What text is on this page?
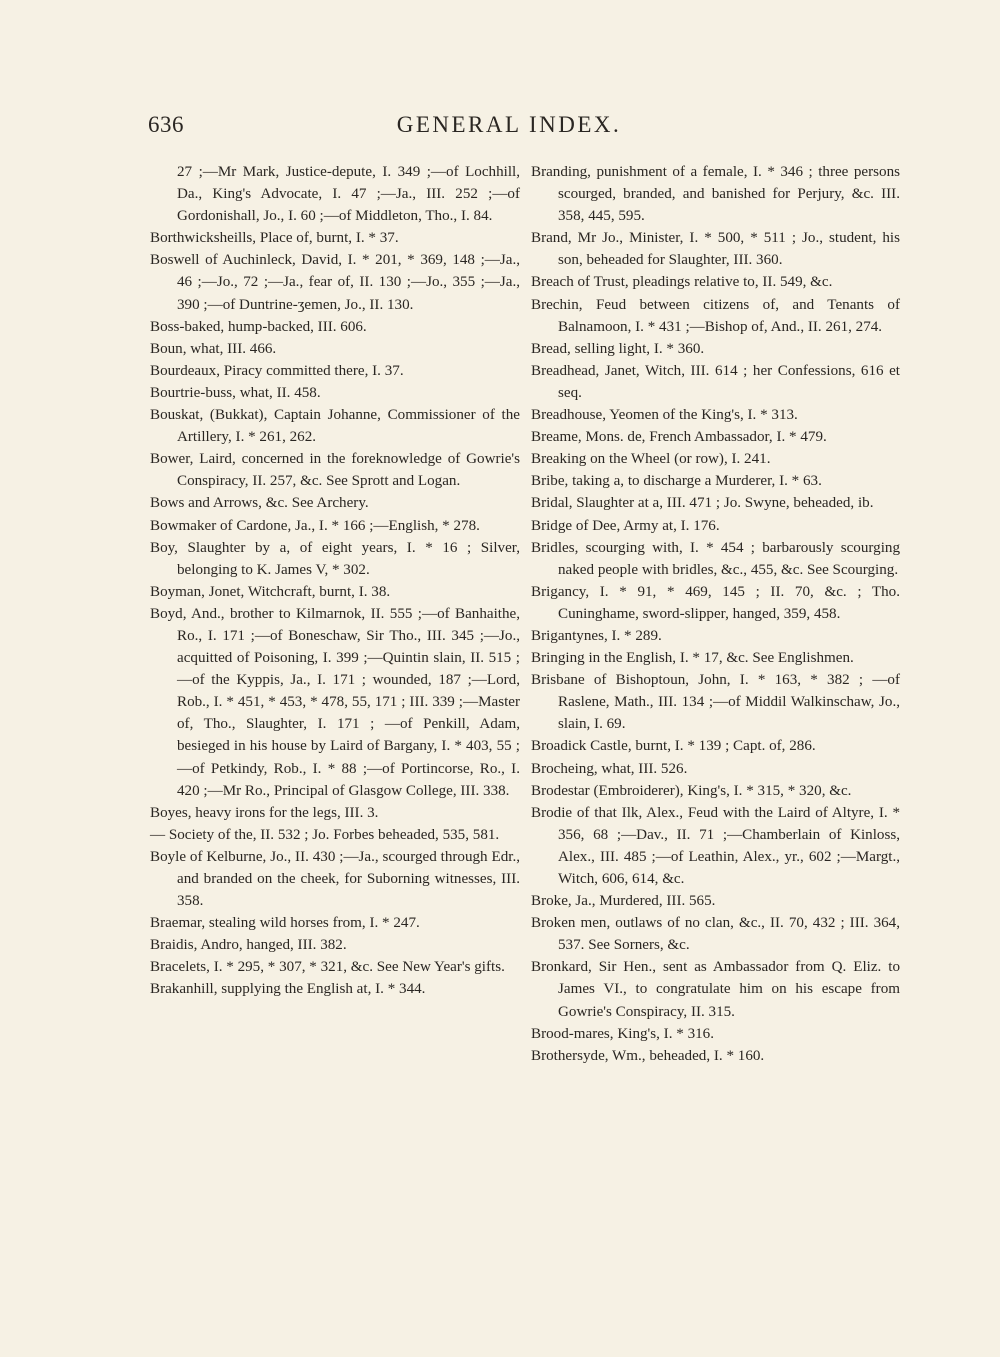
636	GENERAL INDEX.

27 ;—Mr Mark, Justice-depute, I. 349 ;—of Lochhill, Da., King's Advocate, I. 47 ;—Ja., III. 252 ;—of Gordonishall, Jo., I. 60 ;—of Middleton, Tho., I. 84.

Borthwicksheills, Place of, burnt, I. * 37.

Boswell of Auchinleck, David, I. * 201, * 369, 148 ;—Ja., 46 ;—Jo., 72 ;—Ja., fear of, II. 130 ;—Jo., 355 ;—Ja., 390 ;—of Duntrine-ʒemen, Jo., II. 130.

Boss-baked, hump-backed, III. 606.

Boun, what, III. 466.

Bourdeaux, Piracy committed there, I. 37.

Bourtrie-buss, what, II. 458.

Bouskat, (Bukkat), Captain Johanne, Commissioner of the Artillery, I. * 261, 262.

Bower, Laird, concerned in the foreknowledge of Gowrie's Conspiracy, II. 257, &c. See Sprott and Logan.

Bows and Arrows, &c. See Archery.

Bowmaker of Cardone, Ja., I. * 166 ;—English, * 278.

Boy, Slaughter by a, of eight years, I. * 16 ; Silver, belonging to K. James V, * 302.

Boyman, Jonet, Witchcraft, burnt, I. 38.

Boyd, And., brother to Kilmarnok, II. 555 ;—of Banhaithe, Ro., I. 171 ;—of Boneschaw, Sir Tho., III. 345 ;—Jo., acquitted of Poisoning, I. 399 ;—Quintin slain, II. 515 ;—of the Kyppis, Ja., I. 171 ; wounded, 187 ;—Lord, Rob., I. * 451, * 453, * 478, 55, 171 ; III. 339 ;—Master of, Tho., Slaughter, I. 171 ; —of Penkill, Adam, besieged in his house by Laird of Bargany, I. * 403, 55 ;—of Petkindy, Rob., I. * 88 ;—of Portincorse, Ro., I. 420 ;—Mr Ro., Principal of Glasgow College, III. 338.

Boyes, heavy irons for the legs, III. 3.

— Society of the, II. 532 ; Jo. Forbes beheaded, 535, 581.

Boyle of Kelburne, Jo., II. 430 ;—Ja., scourged through Edr., and branded on the cheek, for Suborning witnesses, III. 358.

Braemar, stealing wild horses from, I. * 247.

Braidis, Andro, hanged, III. 382.

Bracelets, I. * 295, * 307, * 321, &c. See New Year's gifts.

Brakanhill, supplying the English at, I. * 344.

Branding, punishment of a female, I. * 346 ; three persons scourged, branded, and banished for Perjury, &c. III. 358, 445, 595.

Brand, Mr Jo., Minister, I. * 500, * 511 ; Jo., student, his son, beheaded for Slaughter, III. 360.

Breach of Trust, pleadings relative to, II. 549, &c.

Brechin, Feud between citizens of, and Tenants of Balnamoon, I. * 431 ;—Bishop of, And., II. 261, 274.

Bread, selling light, I. * 360.

Breadhead, Janet, Witch, III. 614 ; her Confessions, 616 et seq.

Breadhouse, Yeomen of the King's, I. * 313.

Breame, Mons. de, French Ambassador, I. * 479.

Breaking on the Wheel (or row), I. 241.

Bribe, taking a, to discharge a Murderer, I. * 63.

Bridal, Slaughter at a, III. 471 ; Jo. Swyne, beheaded, ib.

Bridge of Dee, Army at, I. 176.

Bridles, scourging with, I. * 454 ; barbarously scourging naked people with bridles, &c., 455, &c. See Scourging.

Brigancy, I. * 91, * 469, 145 ; II. 70, &c. ; Tho. Cuninghame, sword-slipper, hanged, 359, 458.

Brigantynes, I. * 289.

Bringing in the English, I. * 17, &c. See Englishmen.

Brisbane of Bishoptoun, John, I. * 163, * 382 ; —of Raslene, Math., III. 134 ;—of Middil Walkinschaw, Jo., slain, I. 69.

Broadick Castle, burnt, I. * 139 ; Capt. of, 286.

Brocheing, what, III. 526.

Brodestar (Embroiderer), King's, I. * 315, * 320, &c.

Brodie of that Ilk, Alex., Feud with the Laird of Altyre, I. * 356, 68 ;—Dav., II. 71 ;—Chamberlain of Kinloss, Alex., III. 485 ;—of Leathin, Alex., yr., 602 ;—Margt., Witch, 606, 614, &c.

Broke, Ja., Murdered, III. 565.

Broken men, outlaws of no clan, &c., II. 70, 432 ; III. 364, 537. See Sorners, &c.

Bronkard, Sir Hen., sent as Ambassador from Q. Eliz. to James VI., to congratulate him on his escape from Gowrie's Conspiracy, II. 315.

Brood-mares, King's, I. * 316.

Brothersyde, Wm., beheaded, I. * 160.
